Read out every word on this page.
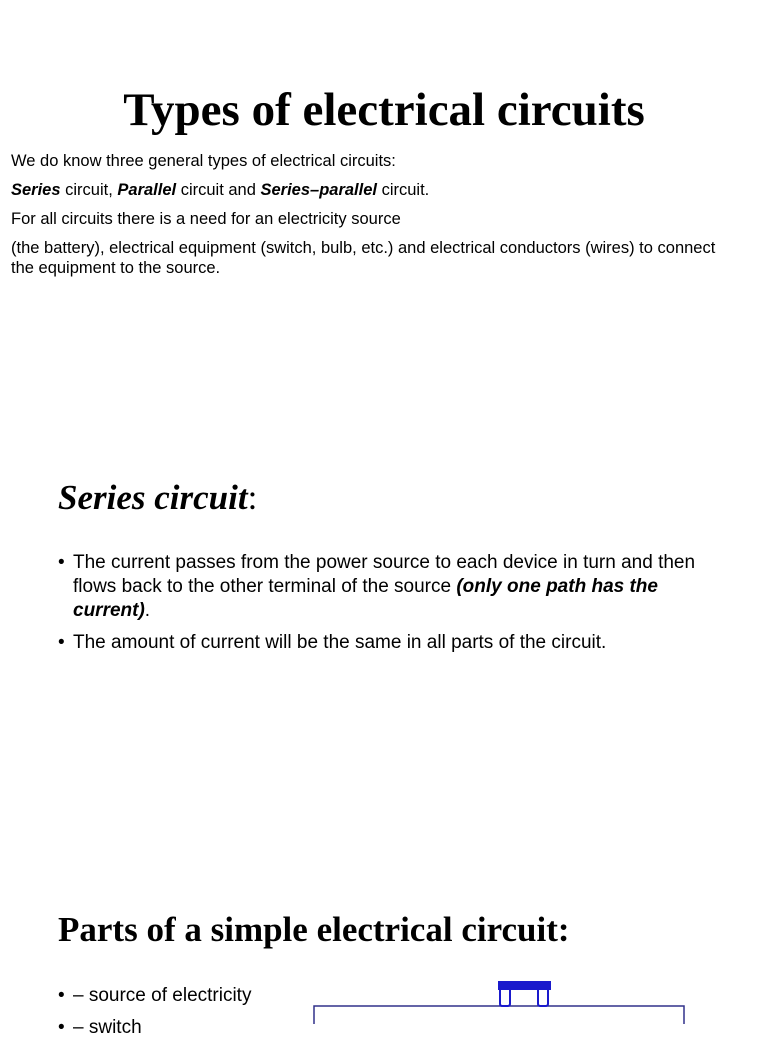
Types of electrical circuits

We do know three general types of electrical circuits:

Series circuit, Parallel circuit and Series–parallel circuit.

For all circuits there is a need for an electricity source

(the battery), electrical equipment (switch, bulb, etc.) and electrical conductors (wires) to connect the equipment to the source.

Series circuit:
• The current passes from the power source to each device in turn and then flows back to the other terminal of the source (only one path has the current).
• The amount of current will be the same in all parts of the circuit.
Parts of a simple electrical circuit:
• – source of electricity
• – switch
